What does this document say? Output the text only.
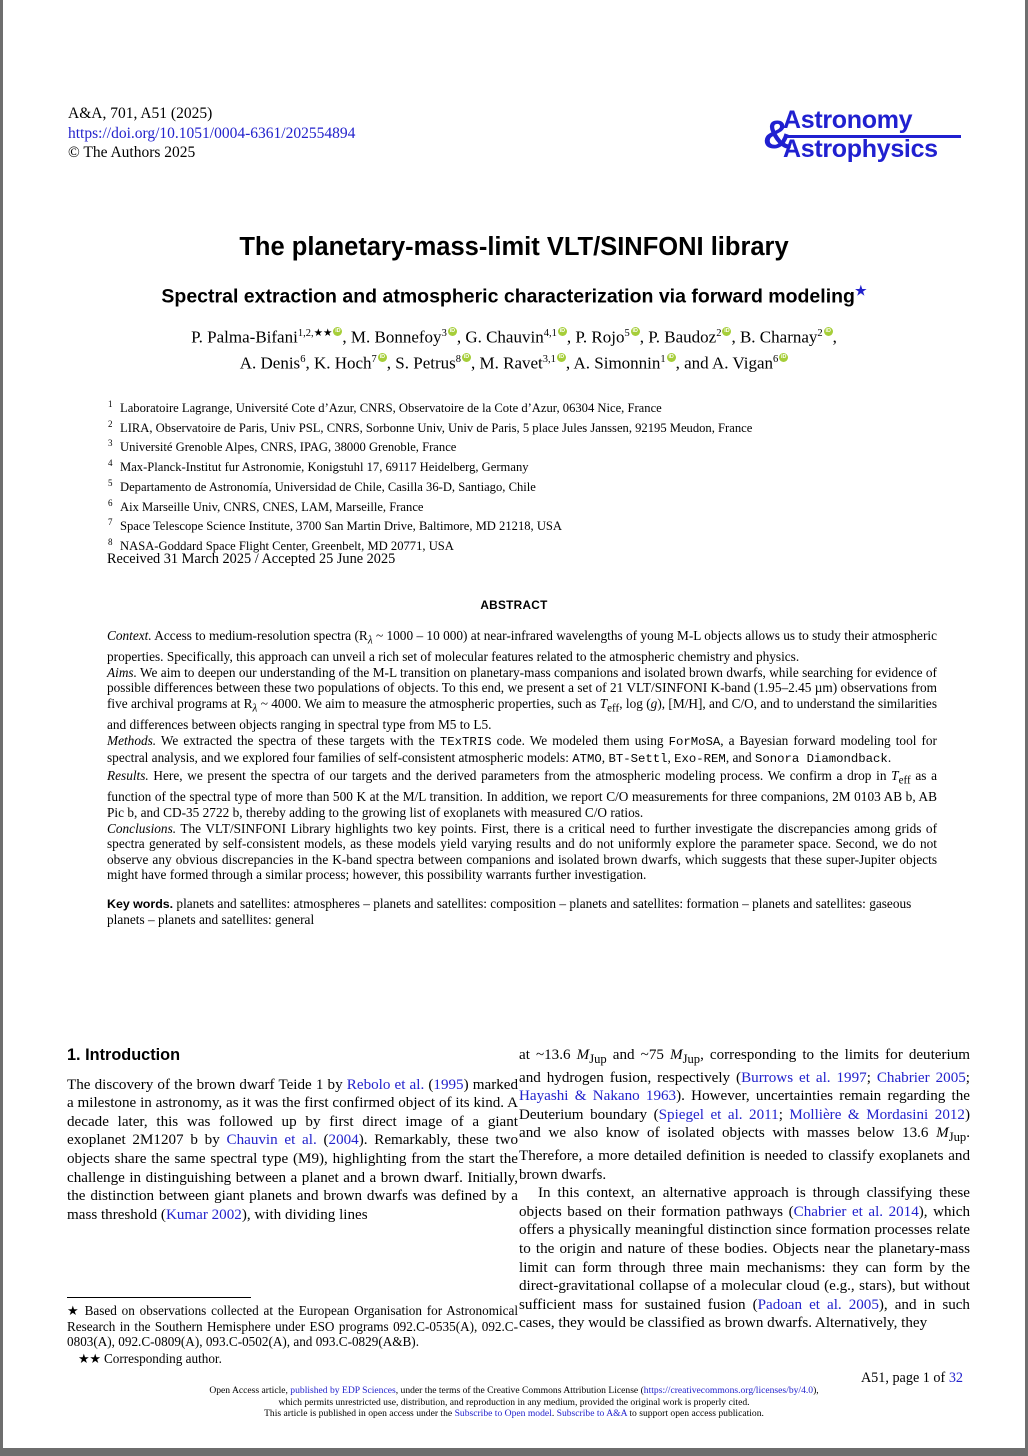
A&A, 701, A51 (2025)
https://doi.org/10.1051/0004-6361/202554894
© The Authors 2025
Astronomy
&
Astrophysics
The planetary-mass-limit VLT/SINFONI library
Spectral extraction and atmospheric characterization via forward modeling★
P. Palma-Bifani$^{1,2,★★}$ iD , M. Bonnefoy$^3$ iD , G. Chauvin$^{4,1}$ iD , P. Rojo$^5$ iD , P. Baudoz$^2$ iD , B. Charnay$^2$ iD ,
A. Denis$^6$, K. Hoch$^7$ iD , S. Petrus$^8$ iD , M. Ravet$^{3,1}$ iD , A. Simonnin$^1$ iD , and A. Vigan$^6$iD
1 Laboratoire Lagrange, Université Cote d’Azur, CNRS, Observatoire de la Cote d’Azur, 06304 Nice, France
2 LIRA, Observatoire de Paris, Univ PSL, CNRS, Sorbonne Univ, Univ de Paris, 5 place Jules Janssen, 92195 Meudon, France
3 Université Grenoble Alpes, CNRS, IPAG, 38000 Grenoble, France
4 Max-Planck-Institut fur Astronomie, Konigstuhl 17, 69117 Heidelberg, Germany
5 Departamento de Astronomía, Universidad de Chile, Casilla 36-D, Santiago, Chile
6 Aix Marseille Univ, CNRS, CNES, LAM, Marseille, France
7 Space Telescope Science Institute, 3700 San Martin Drive, Baltimore, MD 21218, USA
8 NASA-Goddard Space Flight Center, Greenbelt, MD 20771, USA
Received 31 March 2025 / Accepted 25 June 2025
ABSTRACT

Context. Access to medium-resolution spectra ($R_\lambda$ ~ 1000 – 10 000) at near-infrared wavelengths of young M-L objects allows us to study their atmospheric properties. Specifically, this approach can unveil a rich set of molecular features related to the atmospheric chemistry and physics.

Aims. We aim to deepen our understanding of the M-L transition on planetary-mass companions and isolated brown dwarfs, while searching for evidence of possible differences between these two populations of objects. To this end, we present a set of 21 VLT/SINFONI K-band (1.95–2.45 µm) observations from five archival programs at $R_\lambda$ ~ 4000. We aim to measure the atmospheric properties, such as $T_{eff}$, log (g), [M/H], and C/O, and to understand the similarities and differences between objects ranging in spectral type from M5 to L5.

Methods. We extracted the spectra of these targets with the TExTRIS code. We modeled them using ForMoSA, a Bayesian forward modeling tool for spectral analysis, and we explored four families of self-consistent atmospheric models: ATMO, BT-Settl, Exo-REM, and Sonora Diamondback.

Results. Here, we present the spectra of our targets and the derived parameters from the atmospheric modeling process. We confirm a drop in $T_{eff}$ as a function of the spectral type of more than 500 K at the M/L transition. In addition, we report C/O measurements for three companions, 2M 0103 AB b, AB Pic b, and CD-35 2722 b, thereby adding to the growing list of exoplanets with measured C/O ratios.

Conclusions. The VLT/SINFONI Library highlights two key points. First, there is a critical need to further investigate the discrepancies among grids of spectra generated by self-consistent models, as these models yield varying results and do not uniformly explore the parameter space. Second, we do not observe any obvious discrepancies in the K-band spectra between companions and isolated brown dwarfs, which suggests that these super-Jupiter objects might have formed through a similar process; however, this possibility warrants further investigation.

Key words. planets and satellites: atmospheres – planets and satellites: composition – planets and satellites: formation – planets and satellites: gaseous planets – planets and satellites: general

1. Introduction

The discovery of the brown dwarf Teide 1 by Rebolo et al. (1995) marked a milestone in astronomy, as it was the first confirmed object of its kind. A decade later, this was followed up by first direct image of a giant exoplanet 2M1207 b by Chauvin et al. (2004). Remarkably, these two objects share the same spectral type (M9), highlighting from the start the challenge in distinguishing between a planet and a brown dwarf. Initially, the distinction between giant planets and brown dwarfs was defined by a mass threshold (Kumar 2002), with dividing lines

★ Based on observations collected at the European Organisation for Astronomical Research in the Southern Hemisphere under ESO programs 092.C-0535(A), 092.C-0803(A), 092.C-0809(A), 093.C-0502(A), and 093.C-0829(A&B).

★★ Corresponding author.

at ~13.6 $M_{Jup}$ and ~75 $M_{Jup}$, corresponding to the limits for deuterium and hydrogen fusion, respectively (Burrows et al. 1997; Chabrier 2005; Hayashi & Nakano 1963). However, uncertainties remain regarding the Deuterium boundary (Spiegel et al. 2011; Mollière & Mordasini 2012) and we also know of isolated objects with masses below 13.6 $M_{Jup}$. Therefore, a more detailed definition is needed to classify exoplanets and brown dwarfs.

In this context, an alternative approach is through classifying these objects based on their formation pathways (Chabrier et al. 2014), which offers a physically meaningful distinction since formation processes relate to the origin and nature of these bodies. Objects near the planetary-mass limit can form through three main mechanisms: they can form by the direct-gravitational collapse of a molecular cloud (e.g., stars), but without sufficient mass for sustained fusion (Padoan et al. 2005), and in such cases, they would be classified as brown dwarfs. Alternatively, they

A51, page 1 of 32
Open Access article, published by EDP Sciences, under the terms of the Creative Commons Attribution License (https://creativecommons.org/licenses/by/4.0),
which permits unrestricted use, distribution, and reproduction in any medium, provided the original work is properly cited.
This article is published in open access under the Subscribe to Open model. Subscribe to A&A to support open access publication.
